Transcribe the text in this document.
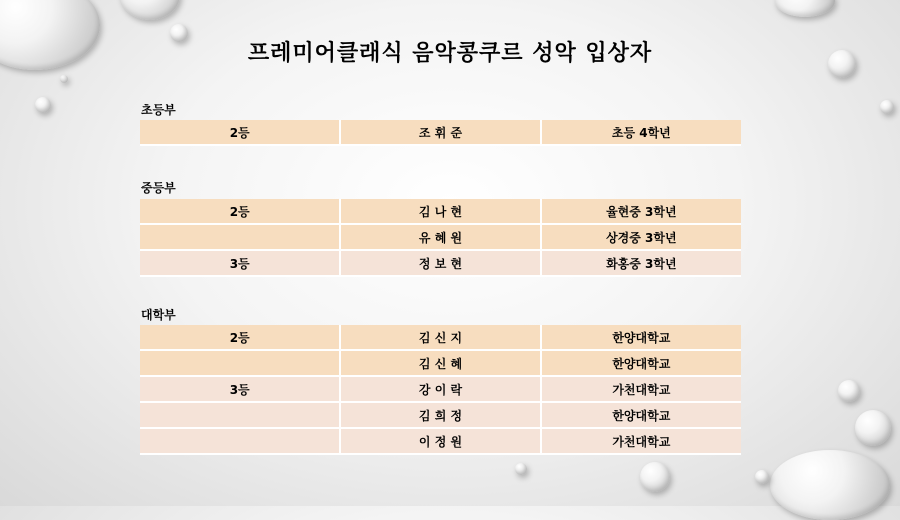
프레미어클래식 음악콩쿠르 성악 입상자
초등부
2등	조 휘 준	초등 4학년
중등부
2등	김 나 현	율현중 3학년
	유 혜 원	상경중 3학년
3등	정 보 현	화홍중 3학년
대학부
2등	김 신 지	한양대학교
	김 신 혜	한양대학교
3등	강 이 락	가천대학교
	김 희 정	한양대학교
	이 정 원	가천대학교
